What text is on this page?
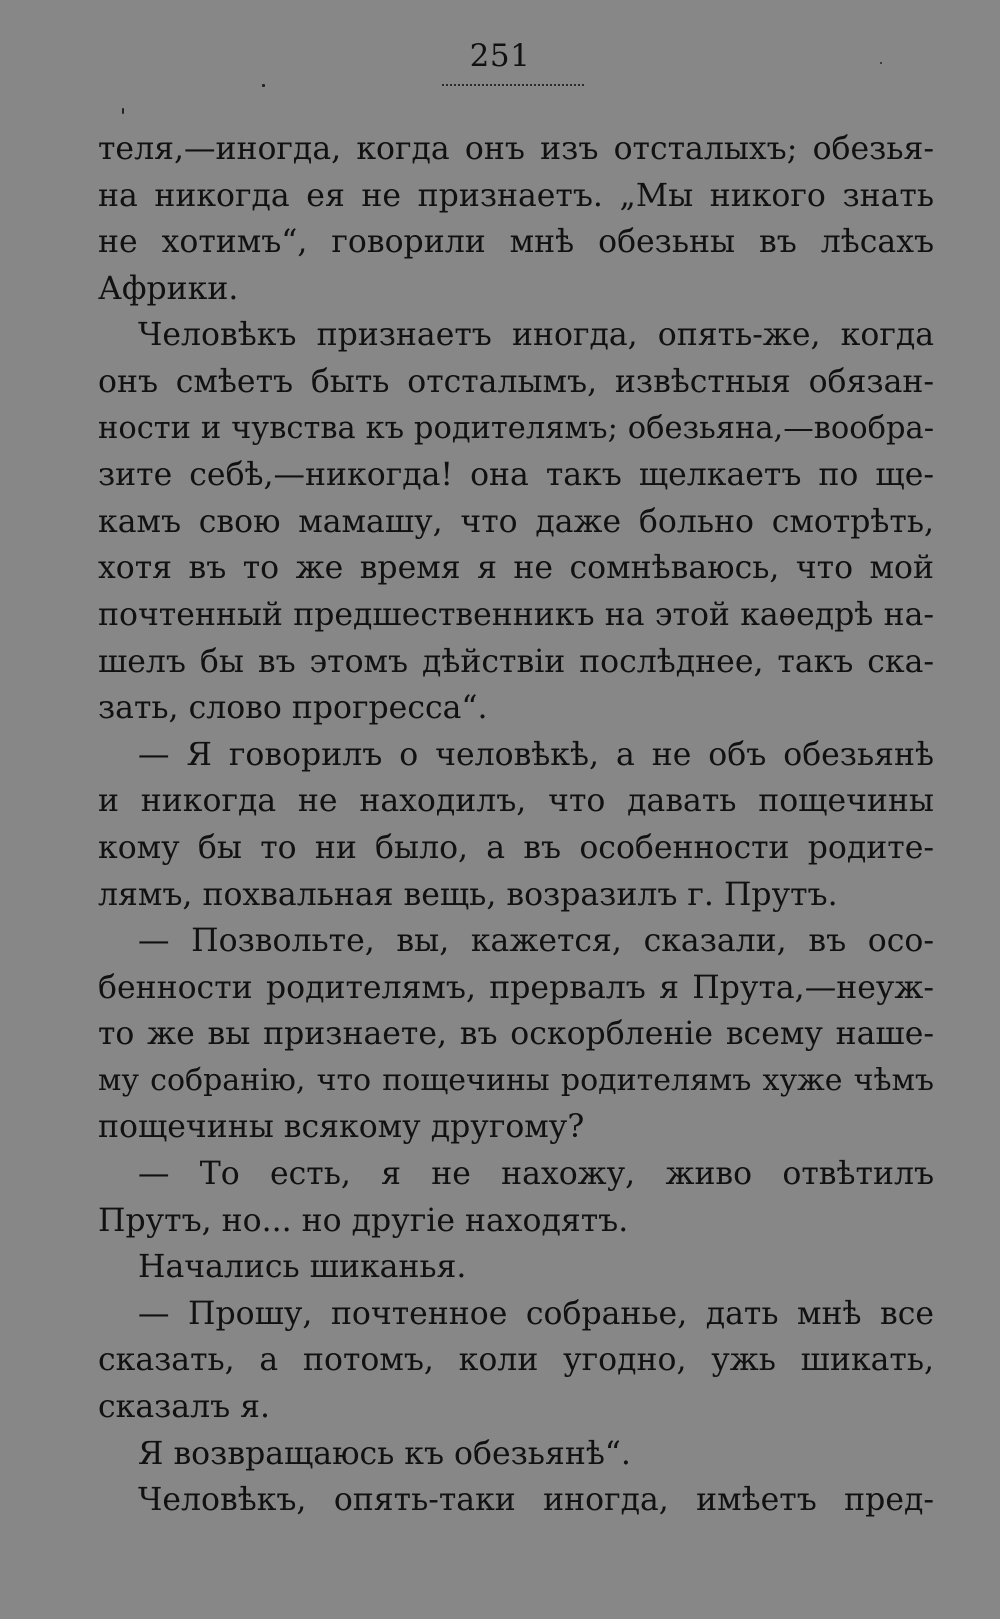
251
теля,—иногда, когда онъ изъ отсталыхъ; обезья-
на никогда ея не признаетъ. „Мы никого знать
не хотимъ“, говорили мнѣ обезьны въ лѣсахъ
Африки.
Человѣкъ признаетъ иногда, опять-же, когда
онъ смѣетъ быть отсталымъ, извѣстныя обязан-
ности и чувства къ родителямъ; обезьяна,—вообра-
зите себѣ,—никогда! она такъ щелкаетъ по ще-
камъ свою мамашу, что даже больно смотрѣть,
хотя въ то же время я не сомнѣваюсь, что мой
почтенный предшественникъ на этой каѳедрѣ на-
шелъ бы въ этомъ дѣйствіи послѣднее, такъ ска-
зать, слово прогресса“.
— Я говорилъ о человѣкѣ, а не объ обезьянѣ
и никогда не находилъ, что давать пощечины
кому бы то ни было, а въ особенности родите-
лямъ, похвальная вещь, возразилъ г. Прутъ.
— Позвольте, вы, кажется, сказали, въ осо-
бенности родителямъ, прервалъ я Прута,—неуж-
то же вы признаете, въ оскорбленіе всему наше-
му собранію, что пощечины родителямъ хуже чѣмъ
пощечины всякому другому?
— То есть, я не нахожу, живо отвѣтилъ
Прутъ, но... но другіе находятъ.
Начались шиканья.
— Прошу, почтенное собранье, дать мнѣ все
сказать, а потомъ, коли угодно, ужь шикать,
сказалъ я.
Я возвращаюсь къ обезьянѣ“.
Человѣкъ, опять-таки иногда, имѣетъ пред-
